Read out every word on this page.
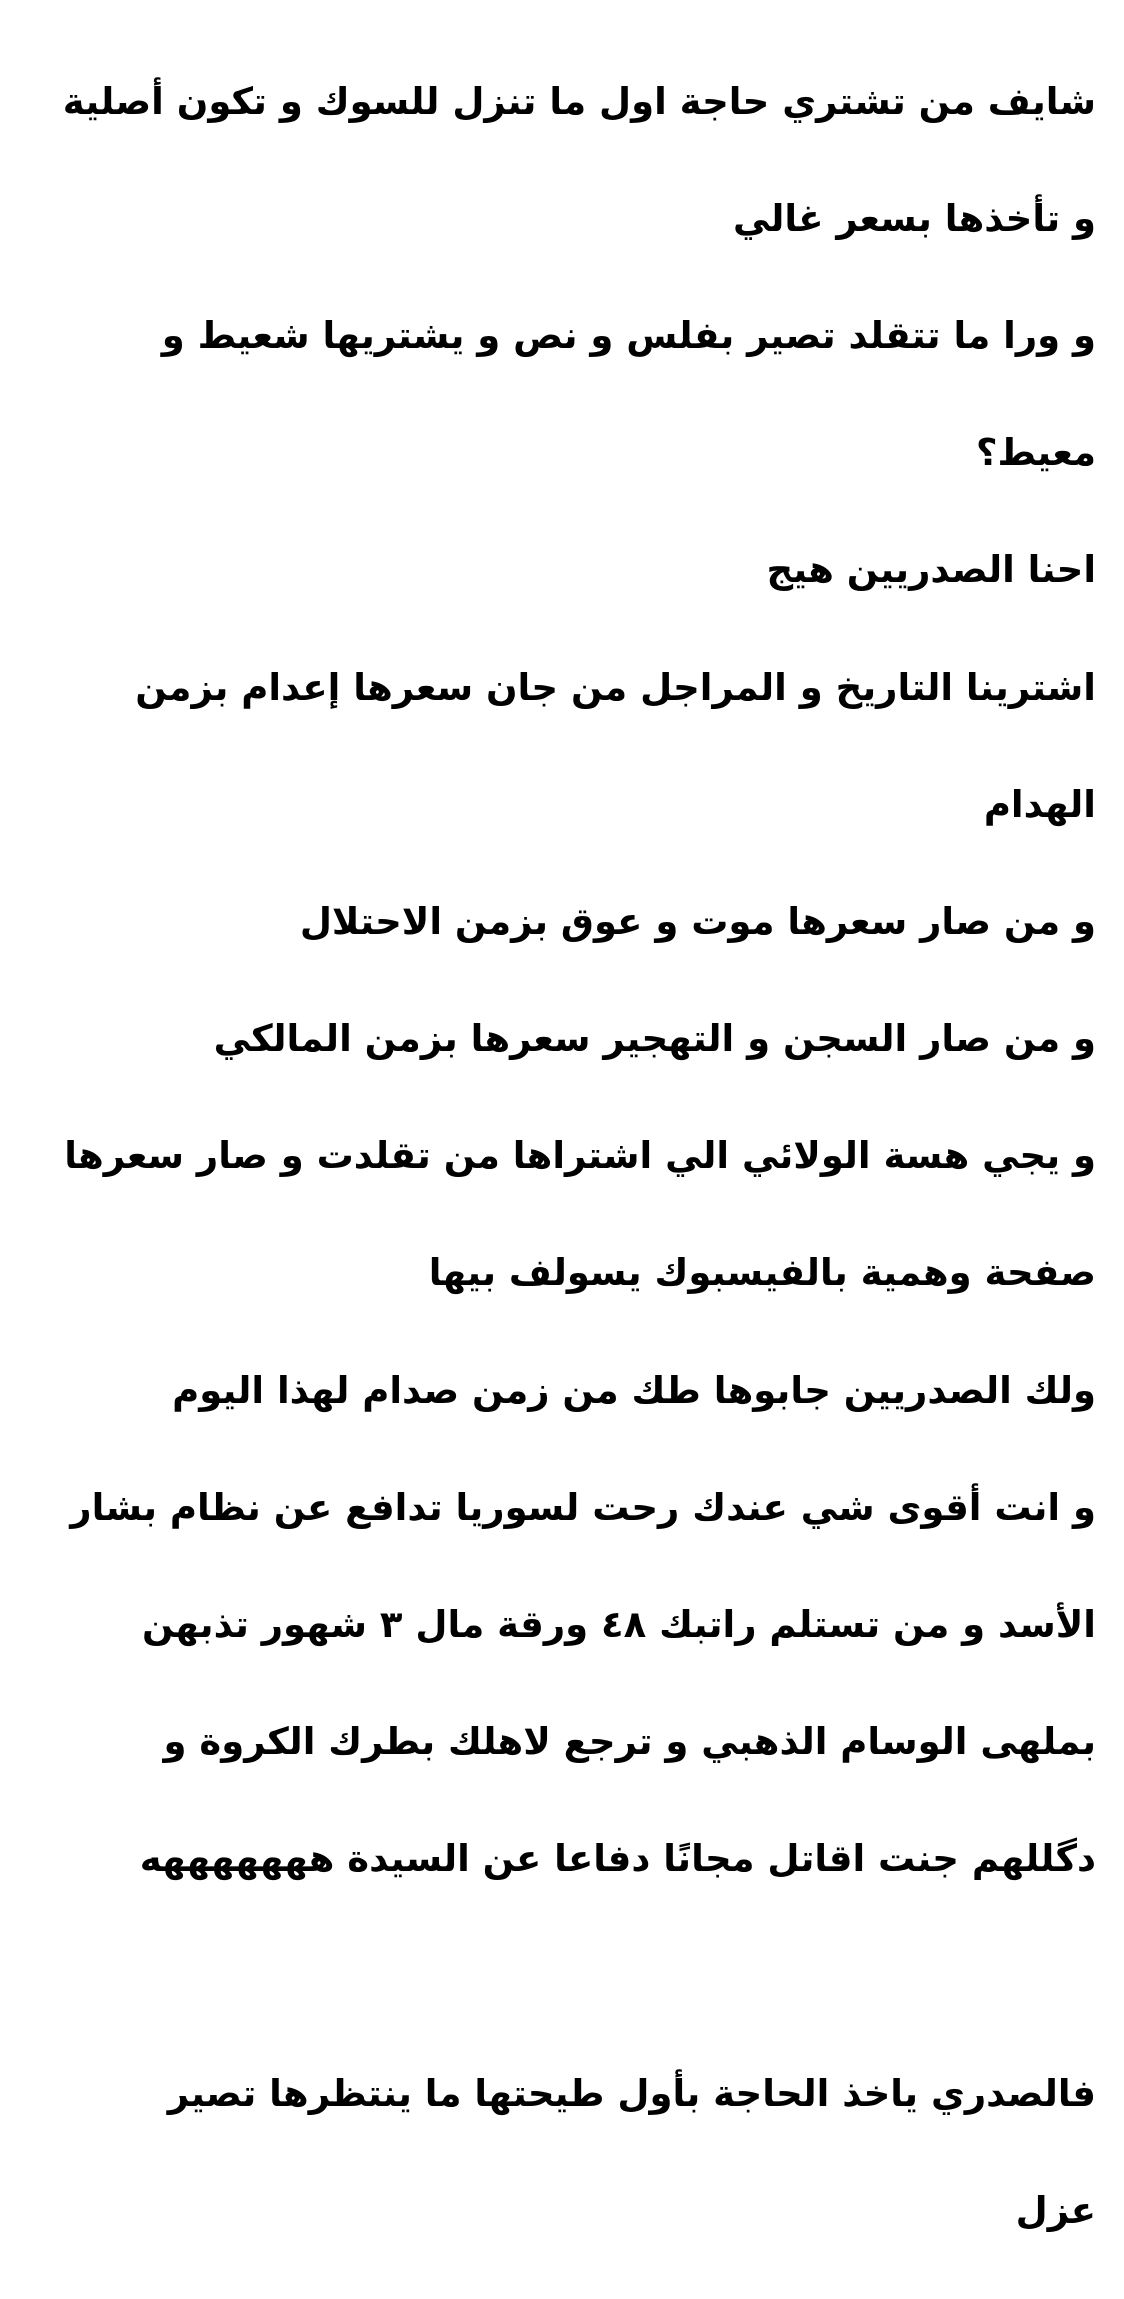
شايف من تشتري حاجة اول ما تنزل للسوك و تكون أصلية

و تأخذها بسعر غالي

و ورا ما تتقلد تصير بفلس و نص و يشتريها شعيط و

معيط؟

احنا الصدريين هيج

اشترينا التاريخ و المراجل من جان سعرها إعدام بزمن

الهدام

و من صار سعرها موت و عوق بزمن الاحتلال

و من صار السجن و التهجير سعرها بزمن المالكي

و يجي هسة الولائي الي اشتراها من تقلدت و صار سعرها

صفحة وهمية بالفيسبوك يسولف بيها

ولك الصدريين جابوها طك من زمن صدام لهذا اليوم

و انت أقوى شي عندك رحت لسوريا تدافع عن نظام بشار

الأسد و من تستلم راتبك ٤٨ ورقة مال ٣ شهور تذبهن

بملهى الوسام الذهبي و ترجع لاهلك بطرك الكروة و

دگللهم جنت اقاتل مجانًا دفاعا عن السيدة هههههههه

فالصدري ياخذ الحاجة بأول طيحتها ما ينتظرها تصير

عزل
